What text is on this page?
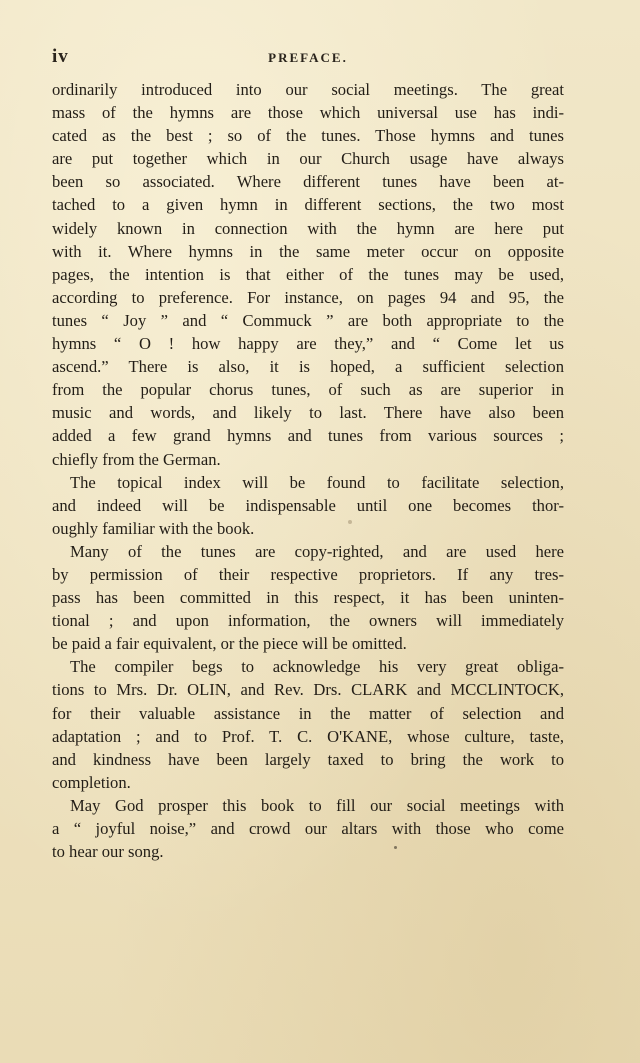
iv	PREFACE.
ordinarily introduced into our social meetings. The great
mass of the hymns are those which universal use has indi-
cated as the best ; so of the tunes. Those hymns and tunes
are put together which in our Church usage have always
been so associated. Where different tunes have been at-
tached to a given hymn in different sections, the two most
widely known in connection with the hymn are here put
with it. Where hymns in the same meter occur on opposite
pages, the intention is that either of the tunes may be used,
according to preference. For instance, on pages 94 and 95, the
tunes “ Joy ” and “ Commuck ” are both appropriate to the
hymns “ O ! how happy are they,” and “ Come let us
ascend.” There is also, it is hoped, a sufficient selection
from the popular chorus tunes, of such as are superior in
music and words, and likely to last. There have also been
added a few grand hymns and tunes from various sources ;
chiefly from the German.
The topical index will be found to facilitate selection,
and indeed will be indispensable until one becomes thor-
oughly familiar with the book.
Many of the tunes are copy-righted, and are used here
by permission of their respective proprietors. If any tres-
pass has been committed in this respect, it has been uninten-
tional ; and upon information, the owners will immediately
be paid a fair equivalent, or the piece will be omitted.
The compiler begs to acknowledge his very great obliga-
tions to Mrs. Dr. OLIN, and Rev. Drs. CLARK and MCCLINTOCK,
for their valuable assistance in the matter of selection and
adaptation ; and to Prof. T. C. O'KANE, whose culture, taste,
and kindness have been largely taxed to bring the work to
completion.
May God prosper this book to fill our social meetings with
a “ joyful noise,” and crowd our altars with those who come
to hear our song.
